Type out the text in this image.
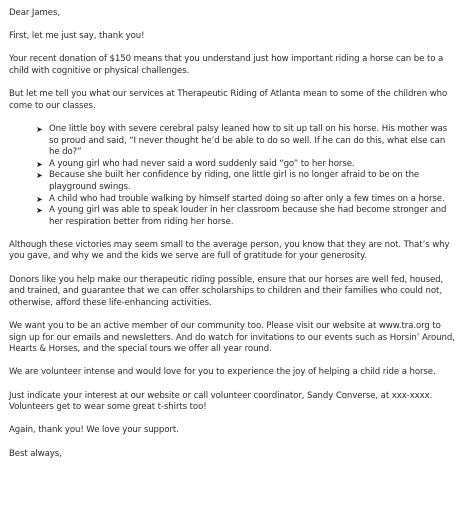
Dear James,

First, let me just say, thank you!

Your recent donation of $150 means that you understand just how important riding a horse can be to a child with cognitive or physical challenges.

But let me tell you what our services at Therapeutic Riding of Atlanta mean to some of the children who come to our classes.

➤ One little boy with severe cerebral palsy leaned how to sit up tall on his horse. His mother was so proud and said, “I never thought he’d be able to do so well. If he can do this, what else can he do?”
➤ A young girl who had never said a word suddenly said “go” to her horse.
➤ Because she built her confidence by riding, one little girl is no longer afraid to be on the playground swings.
➤ A child who had trouble walking by himself started doing so after only a few times on a horse.
➤ A young girl was able to speak louder in her classroom because she had become stronger and her respiration better from riding her horse.

Although these victories may seem small to the average person, you know that they are not. That’s why you gave, and why we and the kids we serve are full of gratitude for your generosity.

Donors like you help make our therapeutic riding possible, ensure that our horses are well fed, housed, and trained, and guarantee that we can offer scholarships to children and their families who could not, otherwise, afford these life-enhancing activities.

We want you to be an active member of our community too. Please visit our website at www.tra.org to sign up for our emails and newsletters. And do watch for invitations to our events such as Horsin’ Around, Hearts & Horses, and the special tours we offer all year round.

We are volunteer intense and would love for you to experience the joy of helping a child ride a horse.

Just indicate your interest at our website or call volunteer coordinator, Sandy Converse, at xxx-xxxx. Volunteers get to wear some great t-shirts too!

Again, thank you! We love your support.

Best always,
